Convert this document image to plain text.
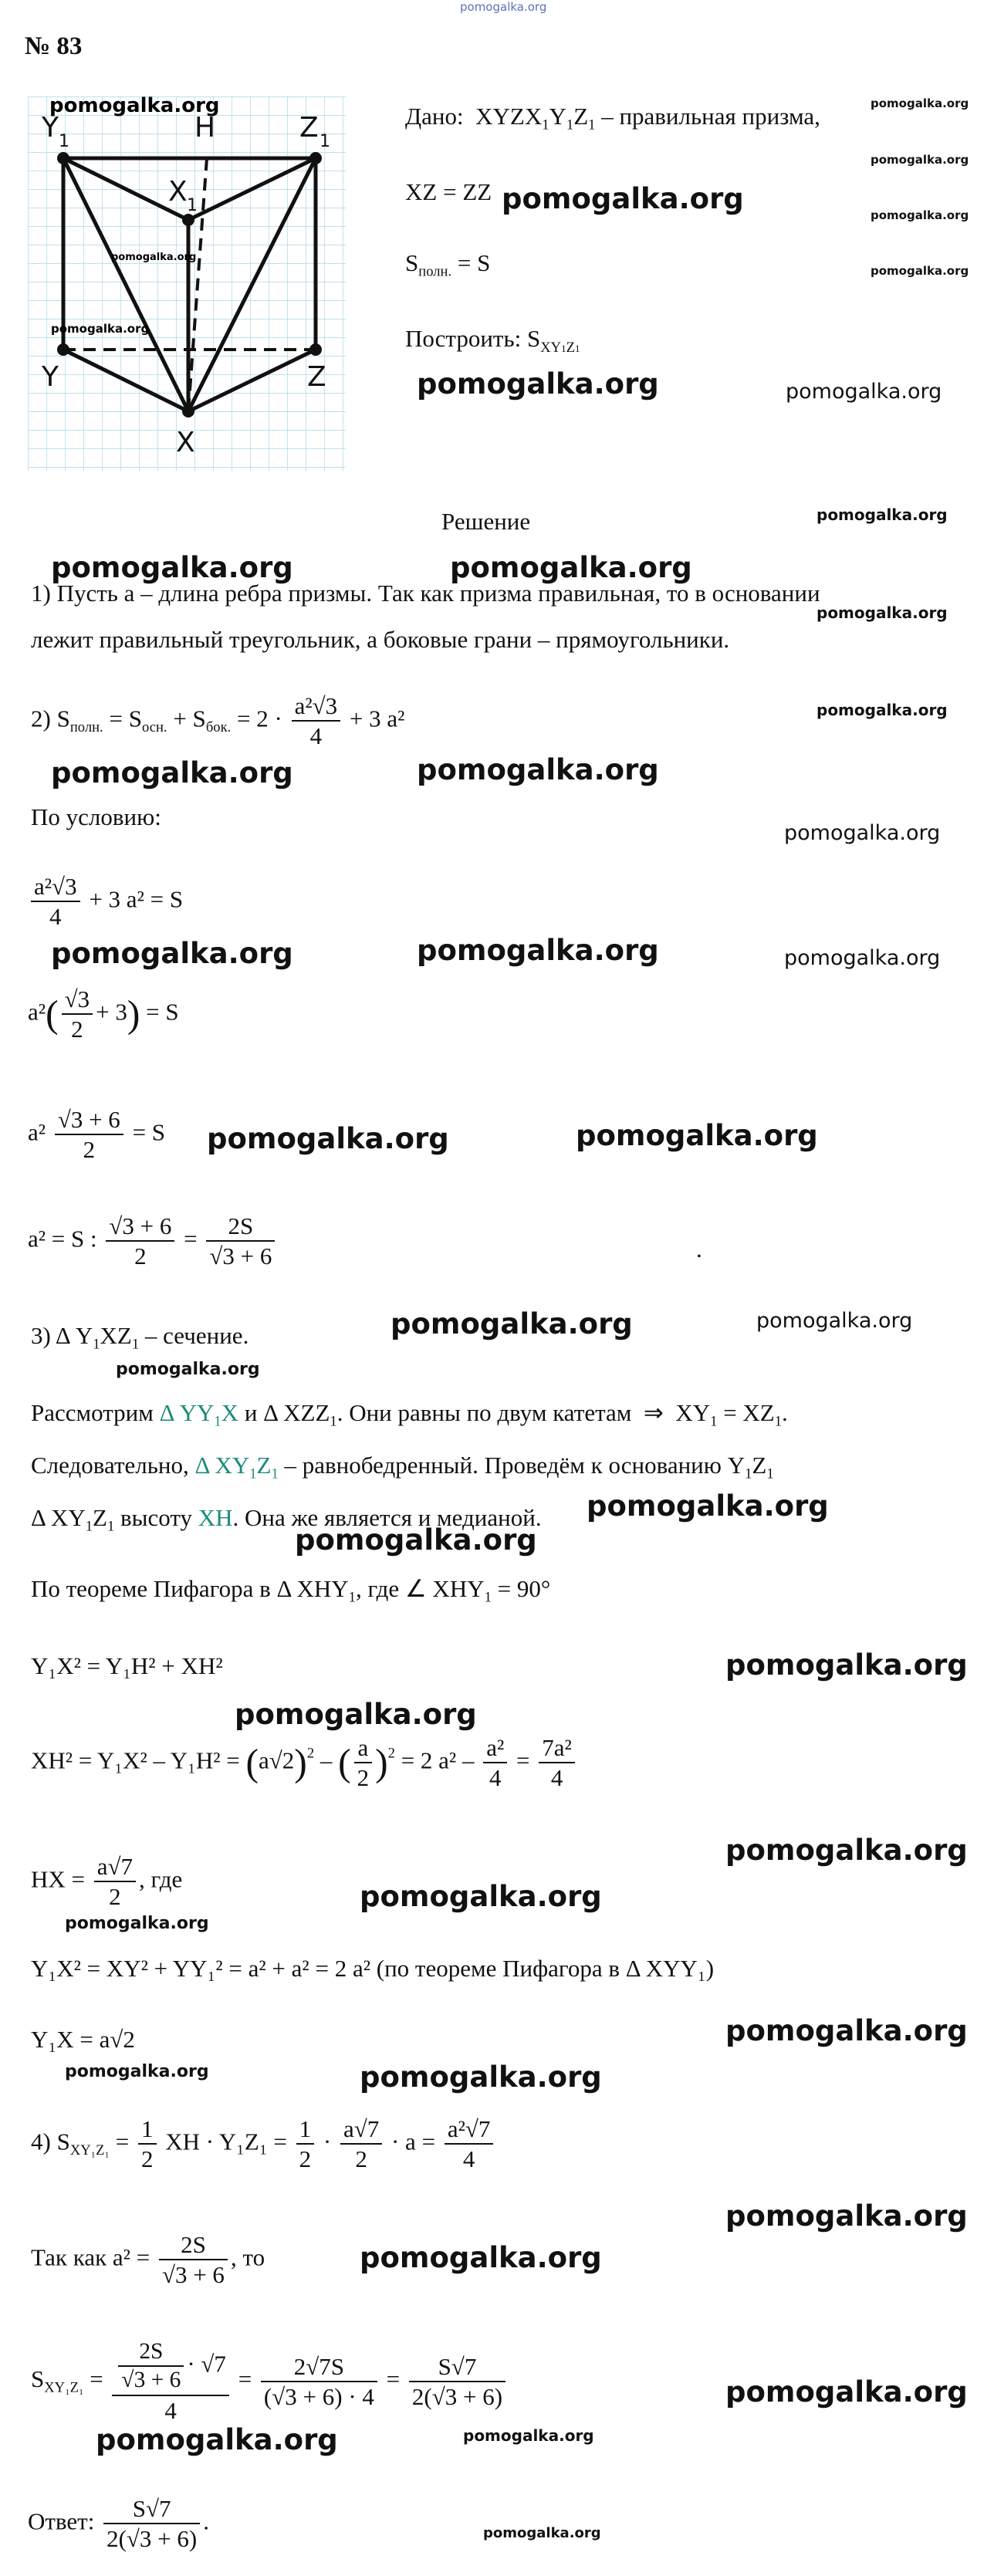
pomogalka.org
№ 83
Y 1	H	Z 1
X 1
Y	Z
X
pomogalka.org
pomogalka.org
pomogalka.org
Дано: $XYZX_1Y_1Z_1$ – правильная призма,
XZ = ZZ
$S_{полн.} = S$
Построить: $S_{XY1Z1}$
pomogalka.org
pomogalka.org
pomogalka.org
pomogalka.org
pomogalka.org
pomogalka.org	pomogalka.org
Решение	pomogalka.org
pomogalka.org	pomogalka.org
1) Пусть a – длина ребра призмы. Так как призма правильная, то в основании
pomogalka.org
лежит правильный треугольник, а боковые грани – прямоугольники.
pomogalka.org
2) $S_{полн.} = S_{осн.} + S_{бок.} = 2 \cdot \frac{\text{a²√3}}{4} + 3$ a²
pomogalka.org	pomogalka.org
По условию:
pomogalka.org
$\frac{\text{a²√3}}{4} + 3$ a² = S
pomogalka.org	pomogalka.org	pomogalka.org
$a^2( \frac{√3}{2} + 3) = S$
$a^2 \frac{√3 + 6}{2} = S$ pomogalka.org	pomogalka.org
a² = S : $\frac{√3 + 6}{2} = \frac{2S}{√3 + 6}$	.
pomogalka.org
pomogalka.org
3) Δ $Y_1XZ_1$ – сечение.
pomogalka.org
Рассмотрим Δ $YY_1X$ и Δ $XZZ_1$. Они равны по двум катетам ⇒ $XY_1 = XZ_1$.
Следовательно, Δ $XY_1Z_1$ – равнобедренный. Проведём к основанию $Y_1Z_1$
pomogalka.org
Δ $XY_1Z_1$ высоту XH. Она же является и медианой.
pomogalka.org
По теореме Пифагора в Δ $XHY_1$, где ∠ $XHY_1 = 90^\circ$
Y₁X² = Y₁H² + XH²	pomogalka.org
pomogalka.org
$XH^2 = Y_1X^2 - Y_1H^2 = (a√2)^2$ – ( $\frac{a}{2} )^2 = 2$ $a^2 - \frac{\text{a²}}{4} = \frac{\text{7a²}}{4}$
pomogalka.org
HX = $\frac{a√7}{2}$ , где
pomogalka.org
pomogalka.org
Y₁X² = XY² + YY₁² = a² + a² = 2 a² (по теореме Пифагора в Δ XYY₁)
pomogalka.org
Y₁X = a√2
pomogalka.org	pomogalka.org
4) $S_{XY_1Z_1} = \frac{1}{2}$ XH · $Y_1Z_1 = \frac{1}{2} \cdot \frac{a√7}{2} \cdot a = \frac{\text{a²√7}}{4}$
pomogalka.org
Так как $a^2 = \frac{2S}{√3 + 6}$ , то	pomogalka.org
$S_{XY_1Z_1} = \frac{\frac{2S}{√3 + 6} \cdot √7}{4} = \frac{2√7S}{(√3 + 6) \cdot 4} = \frac{S√7}{2(√3 + 6)}$	pomogalka.org
pomogalka.org	pomogalka.org
Ответ: $\frac{S√7}{2(√3 + 6)}$ .	pomogalka.org
